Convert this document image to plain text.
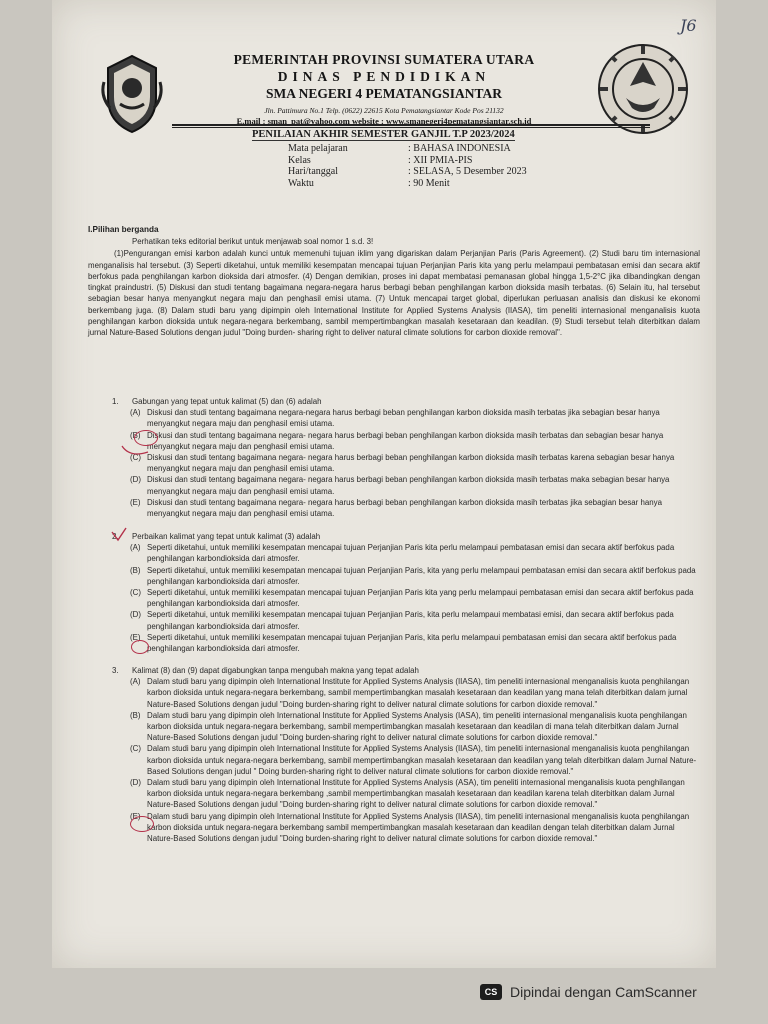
J6
PEMERINTAH PROVINSI SUMATERA UTARA
DINAS PENDIDIKAN
SMA NEGERI 4 PEMATANGSIANTAR
Jln. Pattimura No.1 Telp. (0622) 22615 Kota Pematangsiantar Kode Pos 21132
E.mail : sman_pat@yahoo.com website : www.smanegeri4pematangsiantar.sch.id
PENILAIAN AKHIR SEMESTER GANJIL T.P 2023/2024
Mata pelajaran	: BAHASA INDONESIA
Kelas	: XII PMIA-PIS
Hari/tanggal	: SELASA, 5 Desember 2023
Waktu	: 90 Menit
I.Pilihan berganda
Perhatikan teks editorial berikut untuk menjawab soal nomor 1 s.d. 3!
(1)Pengurangan emisi karbon adalah kunci untuk memenuhi tujuan iklim yang digariskan dalam Perjanjian Paris (Paris Agreement). (2) Studi baru tim internasional menganalisis hal tersebut. (3) Seperti diketahui, untuk memiliki kesempatan mencapai tujuan Perjanjian Paris kita yang perlu melampaui pembatasan emisi dan secara aktif berfokus pada penghilangan karbon dioksida dari atmosfer. (4) Dengan demikian, proses ini dapat membatasi pemanasan global hingga 1,5-2°C jika dibandingkan dengan tingkat praindustri. (5) Diskusi dan studi tentang bagaimana negara-negara harus berbagi beban penghilangan karbon dioksida masih terbatas. (6) Selain itu, hal tersebut sebagian besar hanya menyangkut negara maju dan penghasil emisi utama. (7) Untuk mencapai target global, diperlukan perluasan analisis dan diskusi ke ekonomi berkembang juga. (8) Dalam studi baru yang dipimpin oleh International Institute for Applied Systems Analysis (IIASA), tim peneliti internasional menganalisis kuota penghilangan karbon dioksida untuk negara-negara berkembang, sambil mempertimbangkan masalah kesetaraan dan keadilan. (9) Studi tersebut telah diterbitkan dalam jurnal Nature-Based Solutions dengan judul "Doing burden- sharing right to deliver natural climate solutions for carbon dioxide removal".
1.	Gabungan yang tepat untuk kalimat (5) dan (6) adalah
(A) Diskusi dan studi tentang bagaimana negara-negara harus berbagi beban penghilangan karbon dioksida masih terbatas jika sebagian besar hanya menyangkut negara maju dan penghasil emisi utama.
(B) Diskusi dan studi tentang bagaimana negara- negara harus berbagi beban penghilangan karbon dioksida masih terbatas dan sebagian besar hanya menyangkut negara maju dan penghasil emisi utama.
(C) Diskusi dan studi tentang bagaimana negara- negara harus berbagi beban penghilangan karbon dioksida masih terbatas karena sebagian besar hanya menyangkut negara maju dan penghasil emisi utama.
(D) Diskusi dan studi tentang bagaimana negara- negara harus berbagi beban penghilangan karbon dioksida masih terbatas maka sebagian besar hanya menyangkut negara maju dan penghasil emisi utama.
(E) Diskusi dan studi tentang bagaimana negara- negara harus berbagi beban penghilangan karbon dioksida masih terbatas jika sebagian besar hanya menyangkut negara maju dan penghasil emisi utama.
2.	Perbaikan kalimat yang tepat untuk kalimat (3) adalah
(A) Seperti diketahui, untuk memiliki kesempatan mencapai tujuan Perjanjian Paris kita perlu melampaui pembatasan emisi dan secara aktif berfokus pada penghilangan karbondioksida dari atmosfer.
(B) Seperti diketahui, untuk memiliki kesempatan mencapai tujuan Perjanjian Paris, kita yang perlu melampaui pembatasan emisi dan secara aktif berfokus pada penghilangan karbondioksida dari atmosfer.
(C) Seperti diketahui, untuk memiliki kesempatan mencapai tujuan Perjanjian Paris kita yang perlu melampaui pembatasan emisi dan secara aktif berfokus pada penghilangan karbondioksida dari atmosfer.
(D) Seperti diketahui, untuk memiliki kesempatan mencapai tujuan Perjanjian Paris, kita perlu melampaui membatasi emisi, dan secara aktif berfokus pada penghilangan karbondioksida dari atmosfer.
(E) Seperti diketahui, untuk memiliki kesempatan mencapai tujuan Perjanjian Paris, kita perlu melampaui pembatasan emisi dan secara aktif berfokus pada penghilangan karbondioksida dari atmosfer.
3.	Kalimat (8) dan (9) dapat digabungkan tanpa mengubah makna yang tepat adalah
(A) Dalam studi baru yang dipimpin oleh International Institute for Applied Systems Analysis (IIASA), tim peneliti internasional menganalisis kuota penghilangan karbon dioksida untuk negara-negara berkembang, sambil mempertimbangkan masalah kesetaraan dan keadilan yang mana telah diterbitkan dalam jurnal Nature-Based Solutions dengan judul "Doing burden-sharing right to deliver natural climate solutions for carbon dioxide removal."
(B) Dalam studi baru yang dipimpin oleh International Institute for Applied Systems Analysis (IASA), tim peneliti internasional menganalisis kuota penghilangan karbon dioksida untuk negara-negara berkembang, sambil mempertimbangkan masalah kesetaraan dan keadilan di mana telah diterbitkan dalam Jurnal Nature-Based Solutions dengan judul "Doing burden-sharing right to deliver natural climate solutions for carbon dioxide removal."
(C) Dalam studi baru yang dipimpin oleh International Institute for Applied Systems Analysis (IIASA), tim peneliti internasional menganalisis kuota penghilangan karbon dioksida untuk negara-negara berkembang, sambil mempertimbangkan masalah kesetaraan dan keadilan yang telah diterbitkan dalam Jurnal Nature-Based Solutions dengan judul " Doing burden-sharing right to deliver natural climate solutions for carbon dioxide removal."
(D) Dalam studi baru yang dipimpin oleh International Institute for Applied Systems Analysis (ASA), tim peneliti internasional menganalisis kuota penghilangan karbon dioksida untuk negara-negara berkembang ,sambil mempertimbangkan masalah kesetaraan dan keadilan karena telah diterbitkan dalam Jurnal Nature-Based Solutions dengan judul "Doing burden-sharing right to deliver natural climate solutions for carbon dioxide removal."
(E) Dalam studi baru yang dipimpin oleh International Institute for Applied Systems Analysis (IIASA), tim peneliti internasional menganalisis kuota penghilangan karbon dioksida untuk negara-negara berkembang sambil mempertimbangkan masalah kesetaraan dan keadilan dengan telah diterbitkan dalam Jurnal Nature-Based Solutions dengan judul "Doing burden-sharing right to deliver natural climate solutions for carbon dioxide removal."
CS Dipindai dengan CamScanner
